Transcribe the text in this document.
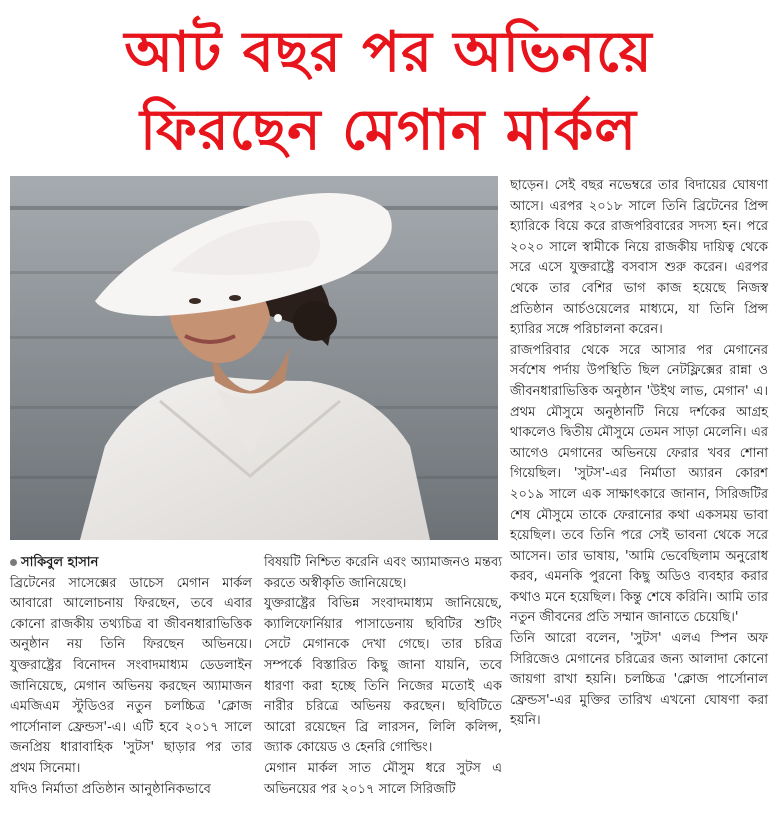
আট বছর পর অভিনয়ে
ফিরছেন মেগান মার্কল

সাকিবুল হাসান

ব্রিটেনের সাসেক্সের ডাচেস মেগান মার্কল আবারো আলোচনায় ফিরছেন, তবে এবার কোনো রাজকীয় তথ্যচিত্র বা জীবনধারাভিত্তিক অনুষ্ঠান নয় তিনি ফিরছেন অভিনয়ে। যুক্তরাষ্ট্রের বিনোদন সংবাদমাধ্যম ডেডলাইন জানিয়েছে, মেগান অভিনয় করছেন অ্যামাজন এমজিএম স্টুডিওর নতুন চলচ্চিত্র 'ক্লোজ পার্সোনাল ফ্রেন্ডস'-এ। এটি হবে ২০১৭ সালে জনপ্রিয় ধারাবাহিক 'সুটস' ছাড়ার পর তার প্রথম সিনেমা।

যদিও নির্মাতা প্রতিষ্ঠান আনুষ্ঠানিকভাবে

বিষয়টি নিশ্চিত করেনি এবং অ্যামাজনও মন্তব্য করতে অস্বীকৃতি জানিয়েছে।

যুক্তরাষ্ট্রের বিভিন্ন সংবাদমাধ্যম জানিয়েছে, ক্যালিফোর্নিয়ার পাসাডেনায় ছবিটির শুটিং সেটে মেগানকে দেখা গেছে। তার চরিত্র সম্পর্কে বিস্তারিত কিছু জানা যায়নি, তবে ধারণা করা হচ্ছে তিনি নিজের মতোই এক নারীর চরিত্রে অভিনয় করছেন। ছবিটিতে আরো রয়েছেন ব্রি লারসন, লিলি কলিন্স, জ্যাক কোয়েড ও হেনরি গোল্ডিং।

মেগান মার্কল সাত মৌসুম ধরে সুটস এ অভিনয়ের পর ২০১৭ সালে সিরিজটি

ছাড়েন। সেই বছর নভেম্বরে তার বিদায়ের ঘোষণা আসে। এরপর ২০১৮ সালে তিনি ব্রিটেনের প্রিন্স হ্যারিকে বিয়ে করে রাজপরিবারের সদস্য হন। পরে ২০২০ সালে স্বামীকে নিয়ে রাজকীয় দায়িত্ব থেকে সরে এসে যুক্তরাষ্ট্রে বসবাস শুরু করেন। এরপর থেকে তার বেশির ভাগ কাজ হয়েছে নিজস্ব প্রতিষ্ঠান আর্চওয়েলের মাধ্যমে, যা তিনি প্রিন্স হ্যারির সঙ্গে পরিচালনা করেন।

রাজপরিবার থেকে সরে আসার পর মেগানের সর্বশেষ পর্দায় উপস্থিতি ছিল নেটফ্লিক্সের রান্না ও জীবনধারাভিত্তিক অনুষ্ঠান 'উইথ লাভ, মেগান' এ। প্রথম মৌসুমে অনুষ্ঠানটি নিয়ে দর্শকের আগ্রহ থাকলেও দ্বিতীয় মৌসুমে তেমন সাড়া মেলেনি। এর আগেও মেগানের অভিনয়ে ফেরার খবর শোনা গিয়েছিল। 'সুটস'-এর নির্মাতা অ্যারন কোরশ ২০১৯ সালে এক সাক্ষাৎকারে জানান, সিরিজটির শেষ মৌসুমে তাকে ফেরানোর কথা একসময় ভাবা হয়েছিল। তবে তিনি পরে সেই ভাবনা থেকে সরে আসেন। তার ভাষায়, 'আমি ভেবেছিলাম অনুরোধ করব, এমনকি পুরনো কিছু অডিও ব্যবহার করার কথাও মনে হয়েছিল। কিন্তু শেষে করিনি। আমি তার নতুন জীবনের প্রতি সম্মান জানাতে চেয়েছি।'

তিনি আরো বলেন, 'সুটস' এলএ স্পিন অফ সিরিজেও মেগানের চরিত্রের জন্য আলাদা কোনো জায়গা রাখা হয়নি। চলচ্চিত্র 'ক্লোজ পার্সোনাল ফ্রেন্ডস'-এর মুক্তির তারিখ এখনো ঘোষণা করা হয়নি।
